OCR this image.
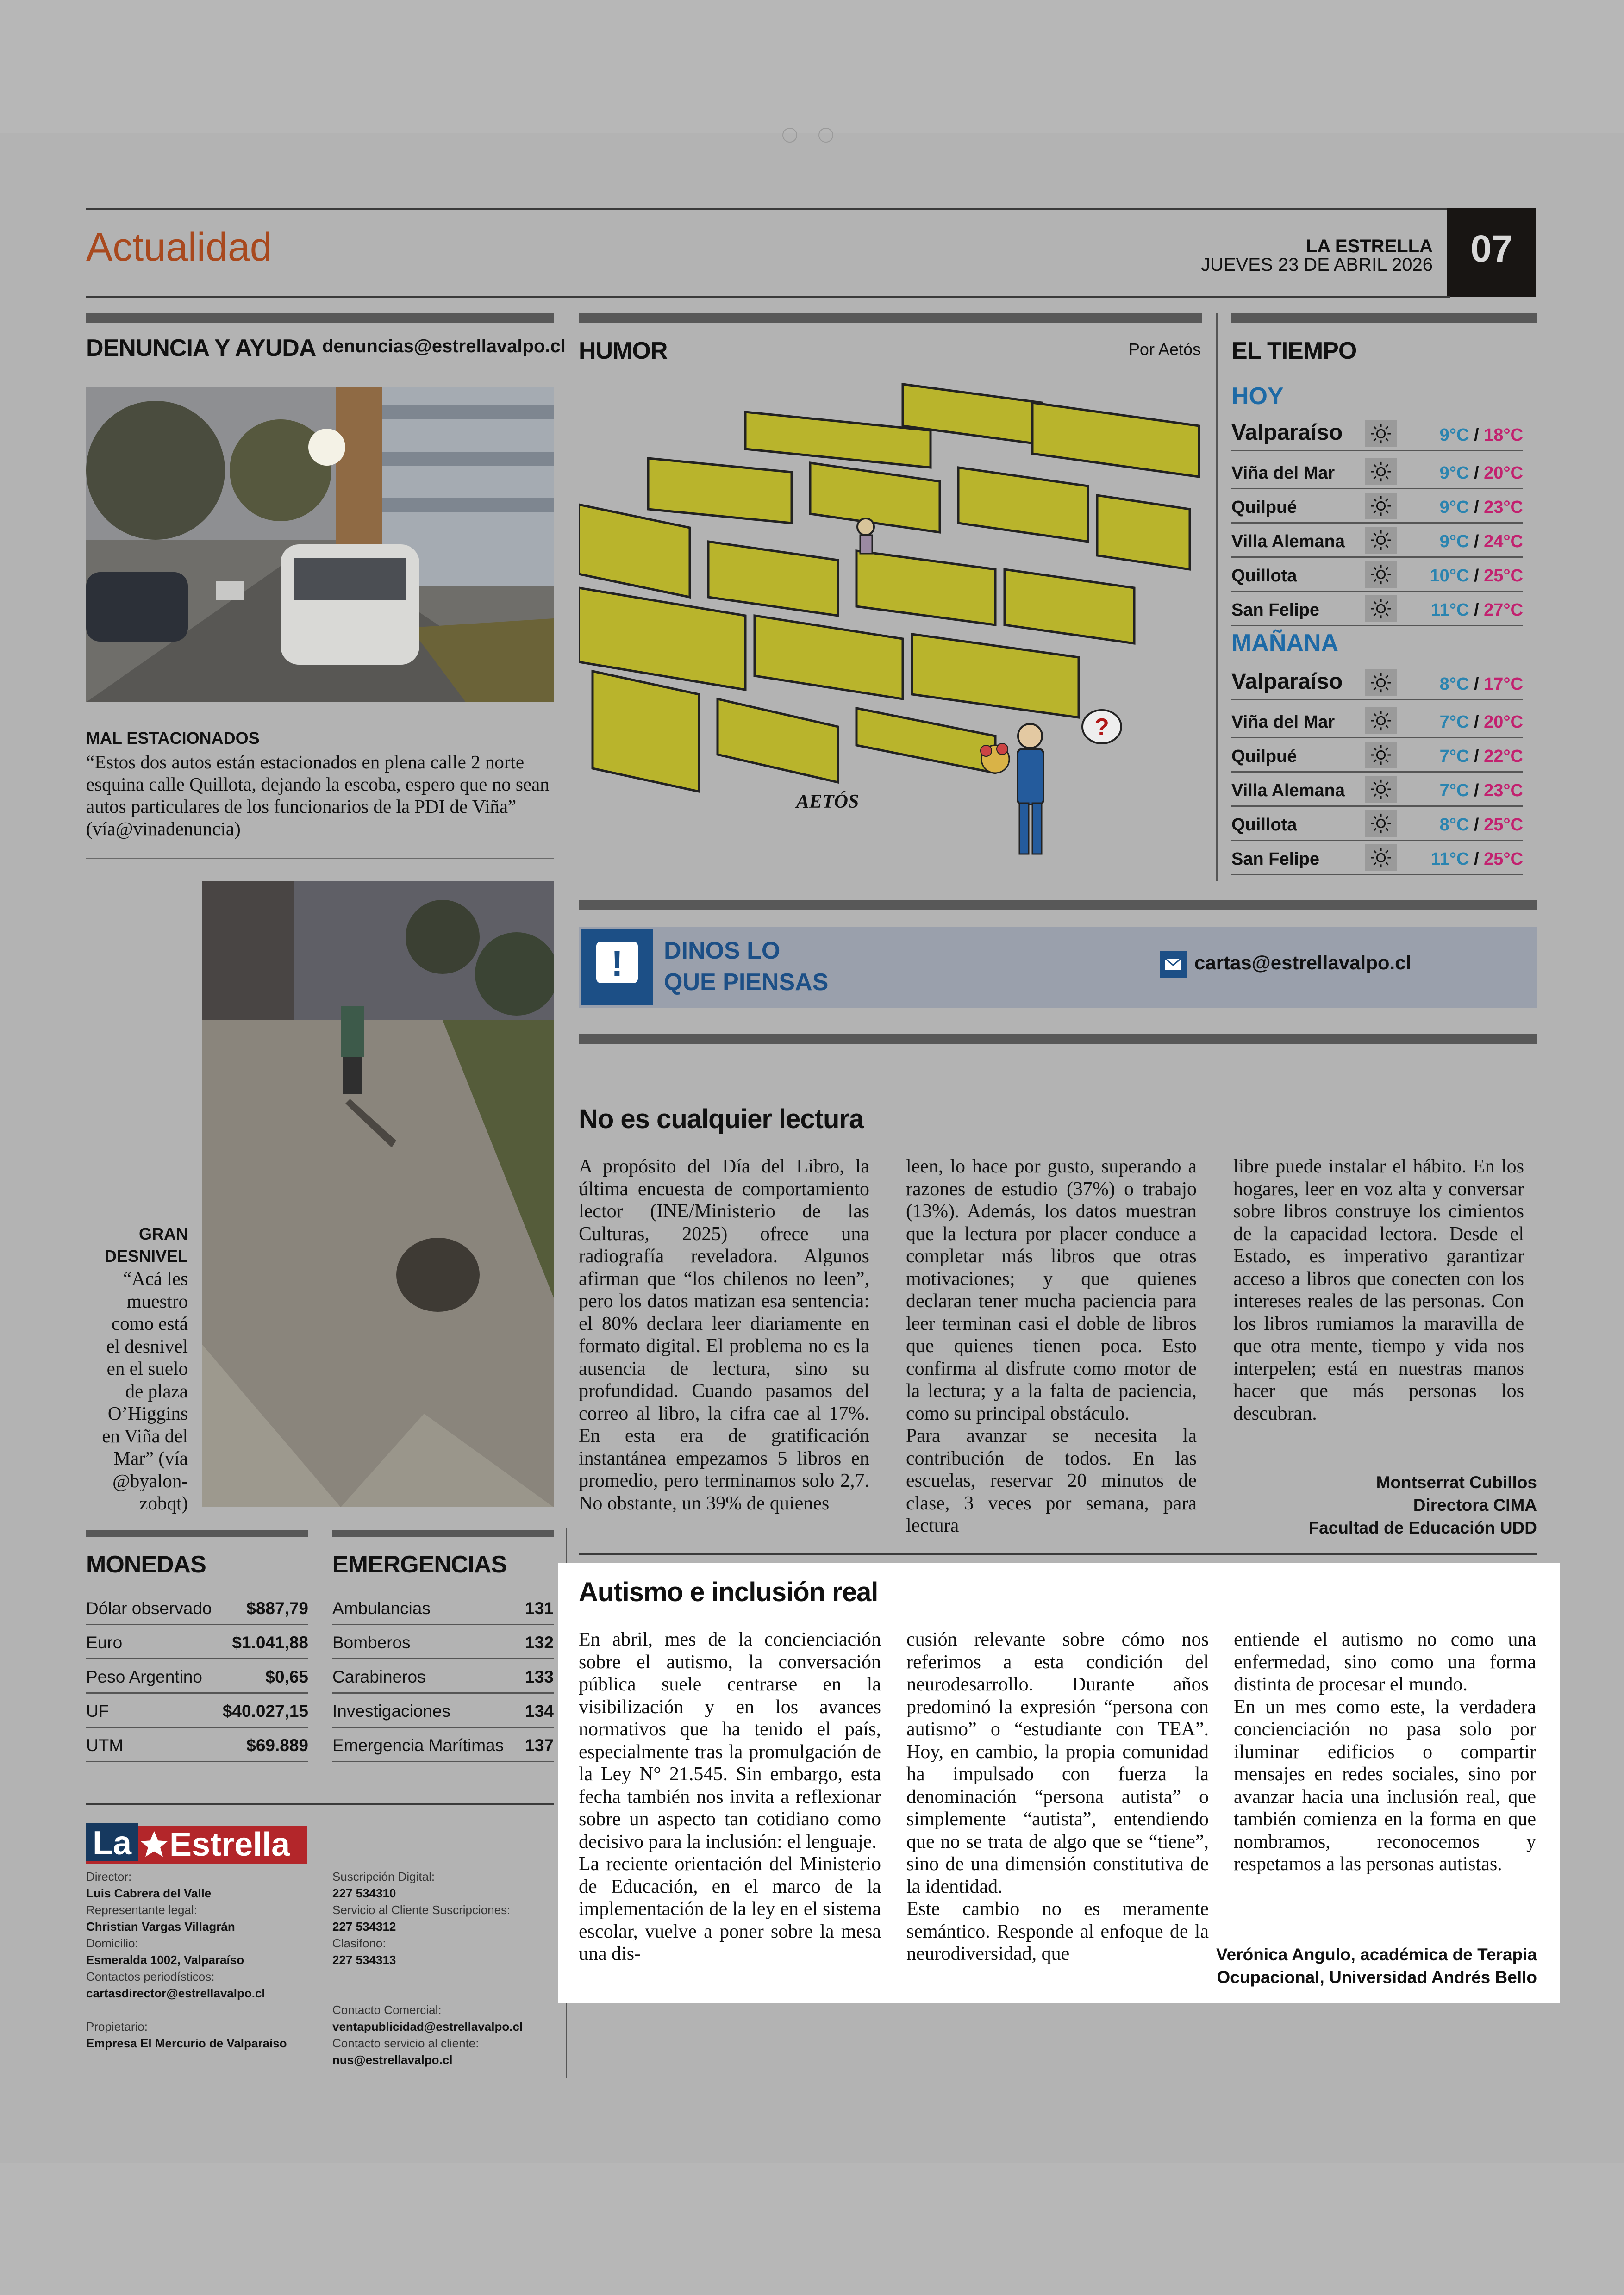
Actualidad	LA ESTRELLA
JUEVES 23 DE ABRIL 2026 07
DENUNCIA Y AYUDA denuncias@estrellavalpo.cl
MAL ESTACIONADOS
“Estos dos autos están estacionados en plena calle 2 norte esquina calle Quillota, dejando la escoba, espero que no sean autos particulares de los funcionarios de la PDI de Viña” (vía@vinadenuncia)
GRAN
DESNIVEL
“Acá les
muestro
como está
el desnivel
en el suelo
de plaza
O’Higgins
en Viña del
Mar” (vía
@byalon-
zobqt)
MONEDAS
Dólar observado $887,79
Euro	$1.041,88
Peso Argentino	$0,65
UF	$40.027,15
UTM	$69.889
EMERGENCIAS
Ambulancias	131
Bomberos	132
Carabineros	133
Investigaciones	134
Emergencia Marítimas 137
La Estrella
Director:
Luis Cabrera del Valle
Representante legal:
Christian Vargas Villagrán
Domicilio:
Esmeralda 1002, Valparaíso
Contactos periodísticos:
cartasdirector@estrellavalpo.cl
Propietario:
Empresa El Mercurio de Valparaíso
Suscripción Digital:
227 534310
Servicio al Cliente Suscripciones:
227 534312
Clasifono:
227 534313
Contacto Comercial:
ventapublicidad@estrellavalpo.cl
Contacto servicio al cliente:
nus@estrellavalpo.cl
HUMOR	Por Aetós
?
AETÓS
EL TIEMPO
HOY
MAÑANA
Valparaíso	9°C / 18°C
Viña del Mar	9°C / 20°C
Quilpué	9°C / 23°C
Villa Alemana	9°C / 24°C
Quillota	10°C / 25°C
San Felipe	11°C / 27°C
Valparaíso	8°C / 17°C
Viña del Mar	7°C / 20°C
Quilpué	7°C / 22°C
Villa Alemana	7°C / 23°C
Quillota	8°C / 25°C
San Felipe	11°C / 25°C
!	DINOS LO
QUE PIENSAS
cartas@estrellavalpo.cl
No es cualquier lectura

A propósito del Día del Libro, la última encuesta de comportamiento lector (INE/Ministerio de las Culturas, 2025) ofrece una radiografía reveladora. Algunos afirman que “los chilenos no leen”, pero los datos matizan esa sentencia: el 80% declara leer diariamente en formato digital. El problema no es la ausencia de lectura, sino su profundidad. Cuando pasamos del correo al libro, la cifra cae al 17%. En esta era de gratificación instantánea empezamos 5 libros en promedio, pero terminamos solo 2,7. No obstante, un 39% de quienes

leen, lo hace por gusto, superando a razones de estudio (37%) o trabajo (13%). Además, los datos muestran que la lectura por placer conduce a completar más libros que otras motivaciones; y que quienes declaran tener mucha paciencia para leer terminan casi el doble de libros que quienes tienen poca. Esto confirma al disfrute como motor de la lectura; y a la falta de paciencia, como su principal obstáculo.

Para avanzar se necesita la contribución de todos. En las escuelas, reservar 20 minutos de clase, 3 veces por semana, para lectura

libre puede instalar el hábito. En los hogares, leer en voz alta y conversar sobre libros construye los cimientos de la capacidad lectora. Desde el Estado, es imperativo garantizar acceso a libros que conecten con los intereses reales de las personas. Con los libros rumiamos la maravilla de que otra mente, tiempo y vida nos interpelen; está en nuestras manos hacer que más personas los descubran.

Montserrat Cubillos
Directora CIMA
Facultad de Educación UDD
Autismo e inclusión real

En abril, mes de la concienciación sobre el autismo, la conversación pública suele centrarse en la visibilización y en los avances normativos que ha tenido el país, especialmente tras la promulgación de la Ley N° 21.545. Sin embargo, esta fecha también nos invita a reflexionar sobre un aspecto tan cotidiano como decisivo para la inclusión: el lenguaje.

La reciente orientación del Ministerio de Educación, en el marco de la implementación de la ley en el sistema escolar, vuelve a poner sobre la mesa una dis-

cusión relevante sobre cómo nos referimos a esta condición del neurodesarrollo. Durante años predominó la expresión “persona con autismo” o “estudiante con TEA”. Hoy, en cambio, la propia comunidad ha impulsado con fuerza la denominación “persona autista” o simplemente “autista”, entendiendo que no se trata de algo que se “tiene”, sino de una dimensión constitutiva de la identidad.

Este cambio no es meramente semántico. Responde al enfoque de la neurodiversidad, que

entiende el autismo no como una enfermedad, sino como una forma distinta de procesar el mundo.

En un mes como este, la verdadera concienciación no pasa solo por iluminar edificios o compartir mensajes en redes sociales, sino por avanzar hacia una inclusión real, que también comienza en la forma en que nombramos, reconocemos y respetamos a las personas autistas.

Verónica Angulo, académica de Terapia
Ocupacional, Universidad Andrés Bello
